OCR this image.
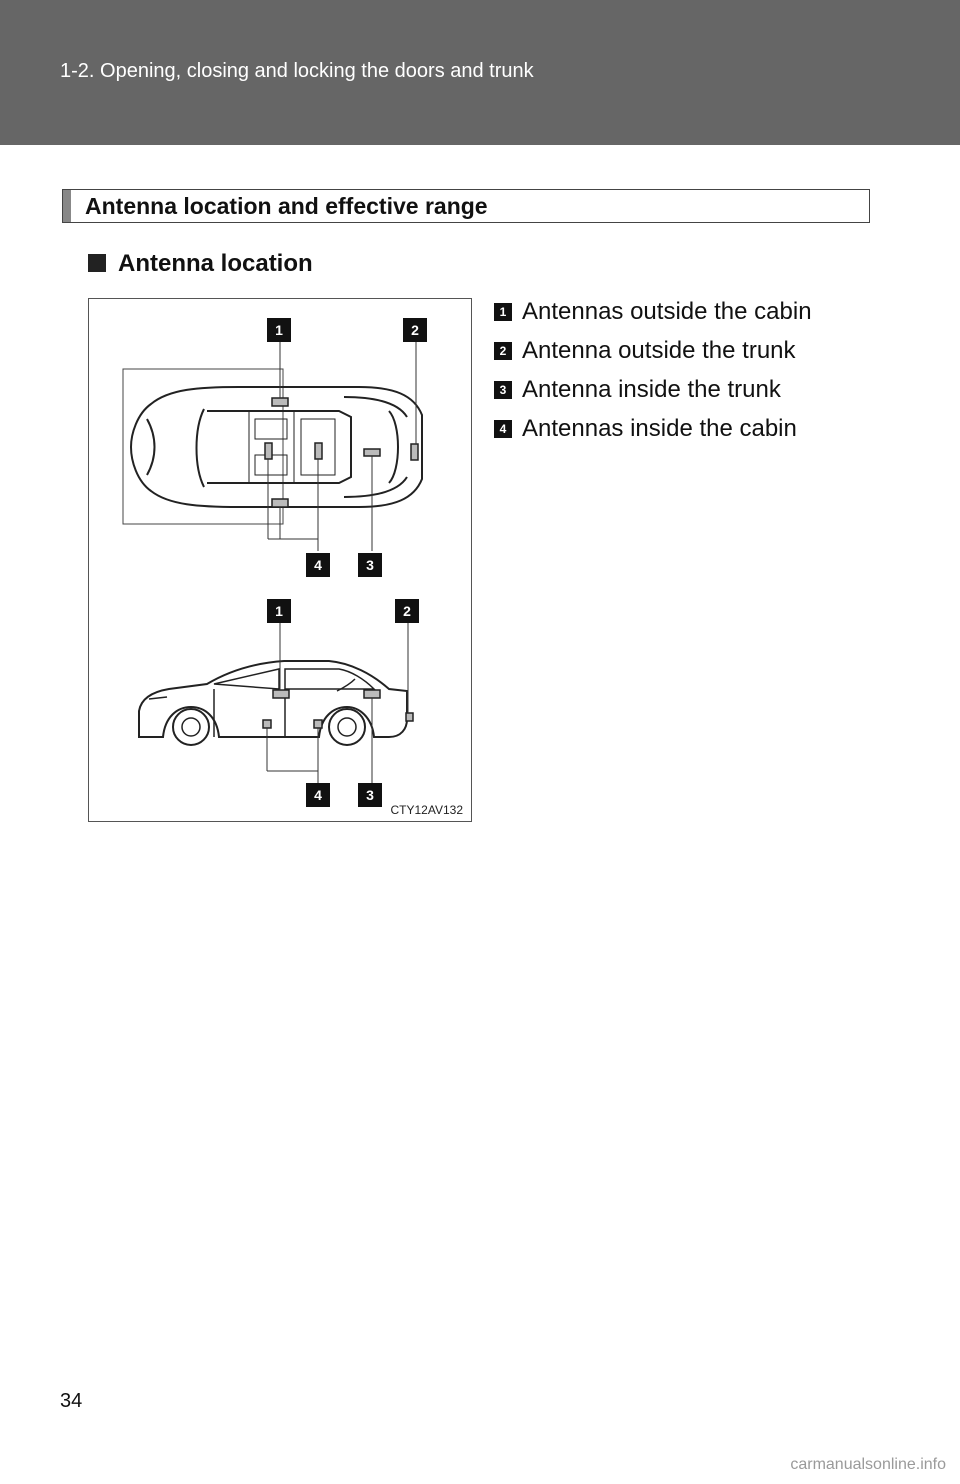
1-2. Opening, closing and locking the doors and trunk
Antenna location and effective range
Antenna location
1	2
4	3
1	2
4	3
CTY12AV132
1 Antennas outside the cabin
2 Antenna outside the trunk
3 Antenna inside the trunk
4 Antennas inside the cabin
34
carmanualsonline.info
